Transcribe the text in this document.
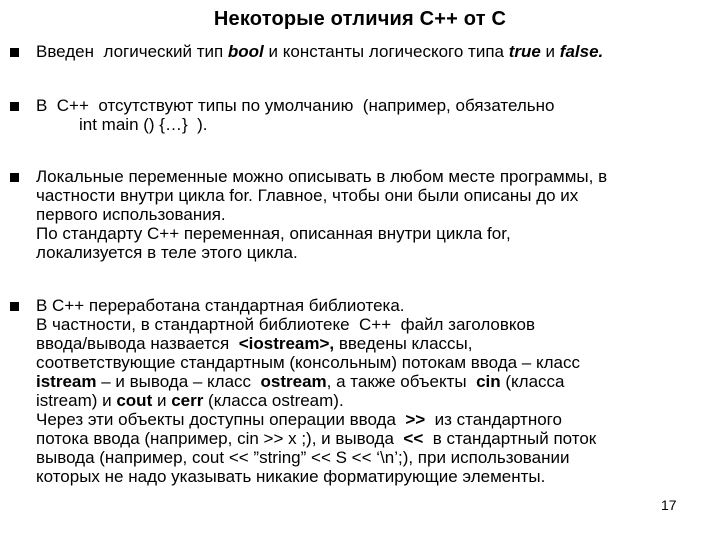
Некоторые отличия С++ от С
Введен  логический тип bool и константы логического типа true и false.
В  С++  отсутствуют типы по умолчанию  (например, обязательно
int main () {…}  ).
Локальные переменные можно описывать в любом месте программы, в
частности внутри цикла for. Главное, чтобы они были описаны до их
первого использования.
По стандарту С++ переменная, описанная внутри цикла for,
локализуется в теле этого цикла.
В С++ переработана стандартная библиотека.
В частности, в стандартной библиотеке  С++  файл заголовков
ввода/вывода назвается  <iostream>, введены классы,
соответствующие стандартным (консольным) потокам ввода – класс
istream – и вывода – класс  ostream, а также объекты  cin (класса
istream) и cout и cerr (класса ostream).
Через эти объекты доступны операции ввода  >>  из стандартного
потока ввода (например, cin >> x ;), и вывода  <<  в стандартный поток
вывода (например, cout << ”string” << S << ‘\n’;), при использовании
которых не надо указывать никакие форматирующие элементы.
17
